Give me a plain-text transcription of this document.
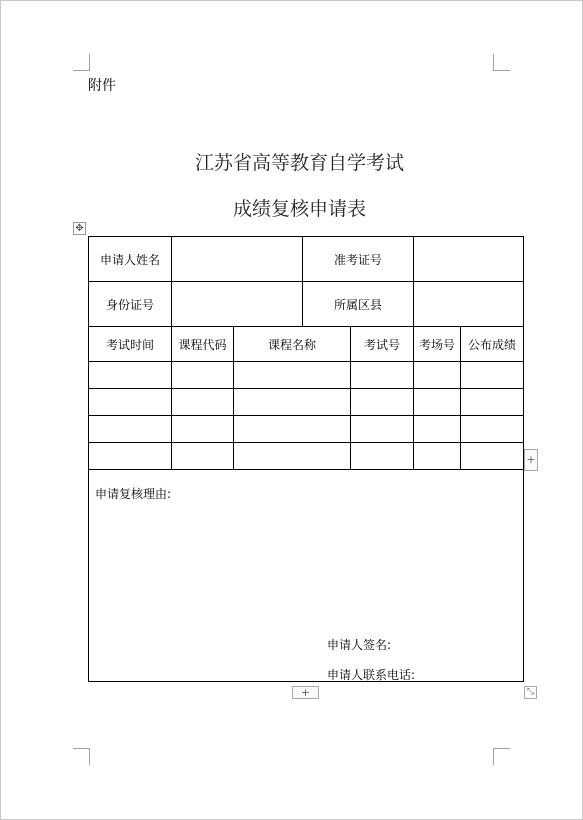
附件
江苏省高等教育自学考试
成绩复核申请表
✥
申请人姓名			准考证号			
身份证号			所属区县			
考试时间	课程代码	课程名称		考试号	考场号	公布成绩

申请复核理由:
申请人签名:
申请人联系电话:						
+
+	⤡
